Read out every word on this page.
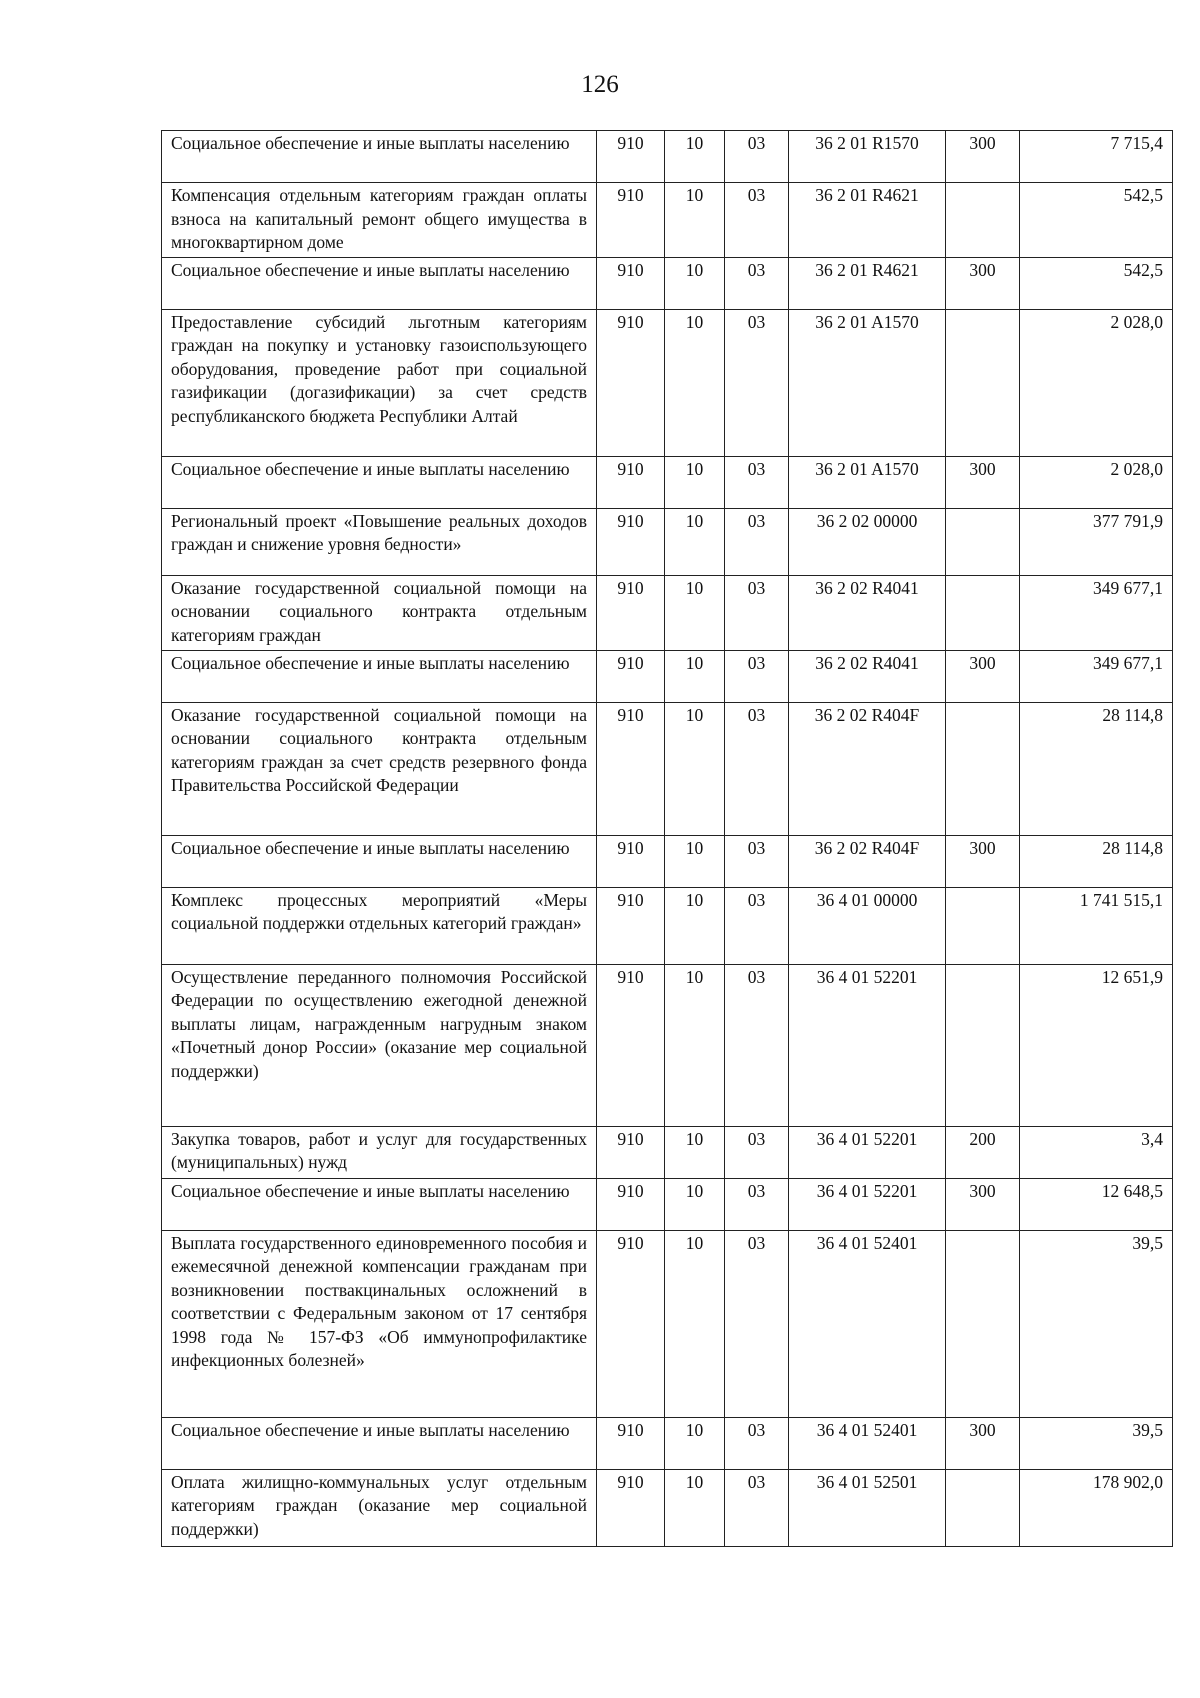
126
Социальное обеспечение и иные выплаты населению	910	10	03	36 2 01 R1570	300	7 715,4
Компенсация отдельным категориям граждан оплаты взноса на капитальный ремонт общего имущества в многоквартирном доме	910	10	03	36 2 01 R4621		542,5
Социальное обеспечение и иные выплаты населению	910	10	03	36 2 01 R4621	300	542,5
Предоставление субсидий льготным категориям граждан на покупку и установку газоиспользующего оборудования, проведение работ при социальной газификации (догазификации) за счет средств республиканского бюджета Республики Алтай	910	10	03	36 2 01 A1570		2 028,0
Социальное обеспечение и иные выплаты населению	910	10	03	36 2 01 A1570	300	2 028,0
Региональный проект «Повышение реальных доходов граждан и снижение уровня бедности»	910	10	03	36 2 02 00000		377 791,9
Оказание государственной социальной помощи на основании социального контракта отдельным категориям граждан	910	10	03	36 2 02 R4041		349 677,1
Социальное обеспечение и иные выплаты населению	910	10	03	36 2 02 R4041	300	349 677,1
Оказание государственной социальной помощи на основании социального контракта отдельным категориям граждан за счет средств резервного фонда Правительства Российской Федерации	910	10	03	36 2 02 R404F		28 114,8
Социальное обеспечение и иные выплаты населению	910	10	03	36 2 02 R404F	300	28 114,8
Комплекс процессных мероприятий «Меры социальной поддержки отдельных категорий граждан»	910	10	03	36 4 01 00000		1 741 515,1
Осуществление переданного полномочия Российской Федерации по осуществлению ежегодной денежной выплаты лицам, награжденным нагрудным знаком «Почетный донор России» (оказание мер социальной поддержки)	910	10	03	36 4 01 52201		12 651,9
Закупка товаров, работ и услуг для государственных (муниципальных) нужд	910	10	03	36 4 01 52201	200	3,4
Социальное обеспечение и иные выплаты населению	910	10	03	36 4 01 52201	300	12 648,5
Выплата государственного единовременного пособия и ежемесячной денежной компенсации гражданам при возникновении поствакцинальных осложнений в соответствии с Федеральным законом от 17 сентября 1998 года № 157-ФЗ «Об иммунопрофилактике инфекционных болезней»	910	10	03	36 4 01 52401		39,5
Социальное обеспечение и иные выплаты населению	910	10	03	36 4 01 52401	300	39,5
Оплата жилищно-коммунальных услуг отдельным категориям граждан (оказание мер социальной поддержки)	910	10	03	36 4 01 52501		178 902,0
